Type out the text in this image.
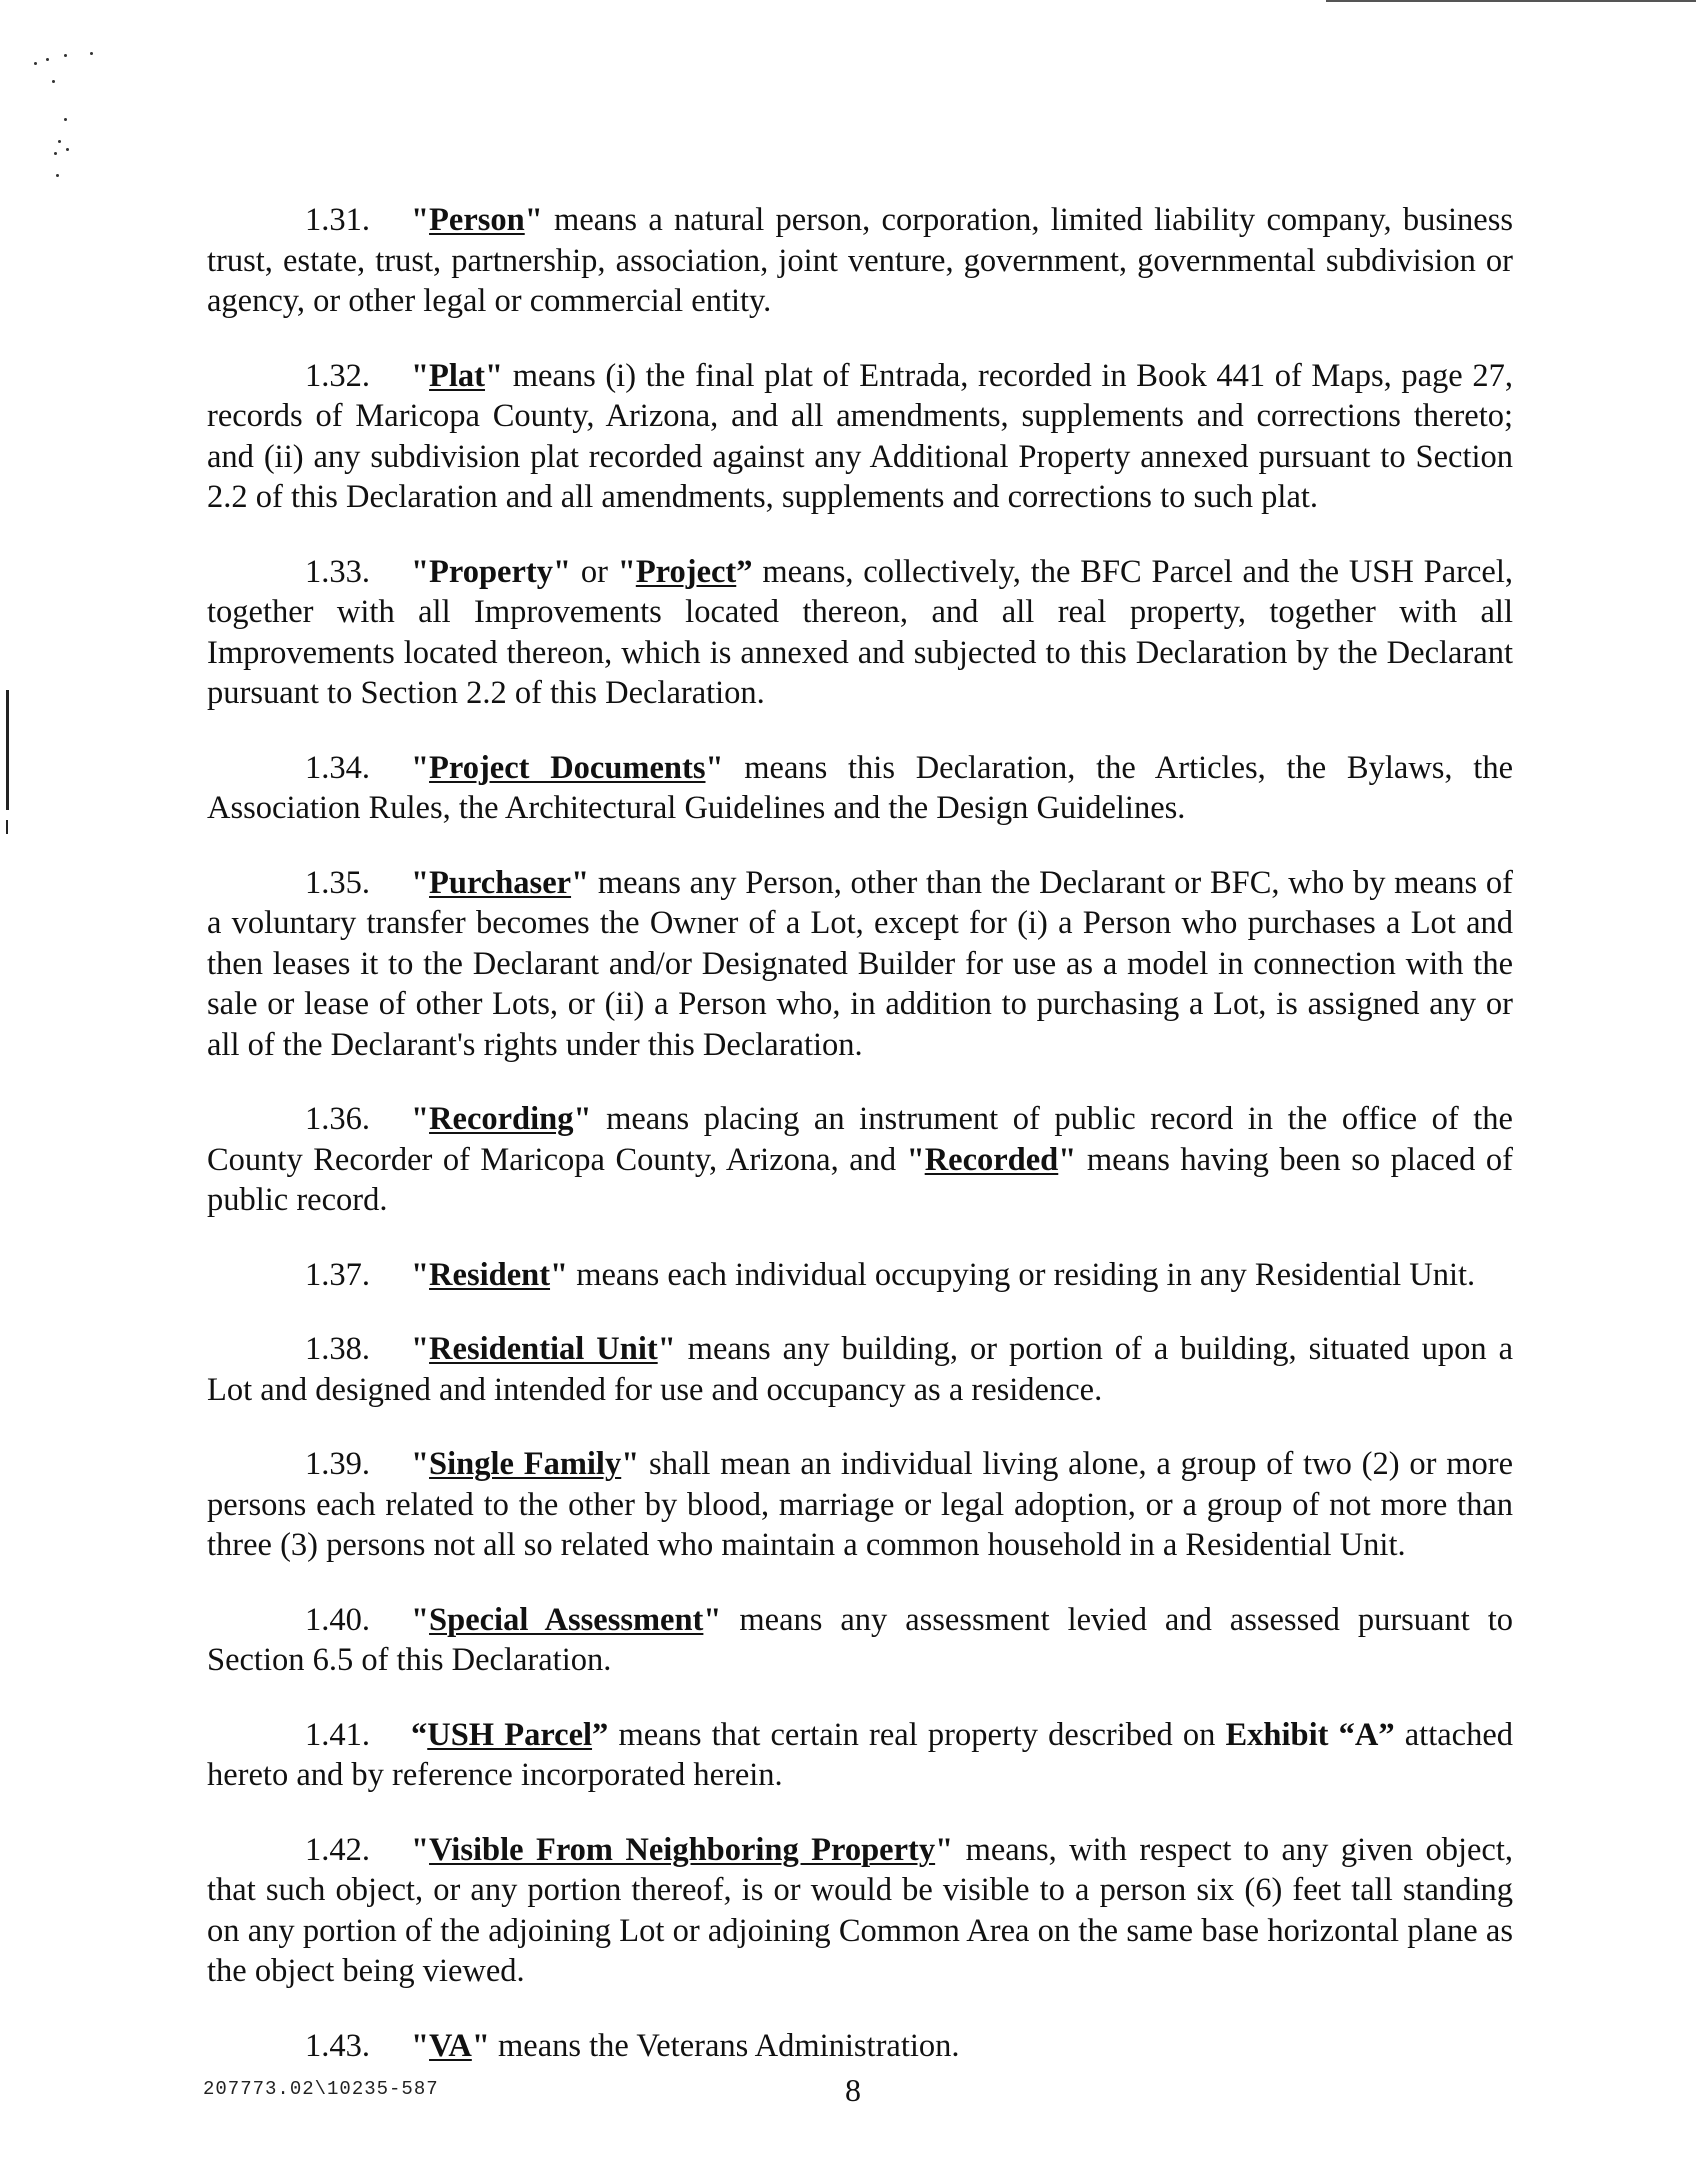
1.31. "Person" means a natural person, corporation, limited liability company, business trust, estate, trust, partnership, association, joint venture, government, governmental subdivision or agency, or other legal or commercial entity.

1.32. "Plat" means (i) the final plat of Entrada, recorded in Book 441 of Maps, page 27, records of Maricopa County, Arizona, and all amendments, supplements and corrections thereto; and (ii) any subdivision plat recorded against any Additional Property annexed pursuant to Section 2.2 of this Declaration and all amendments, supplements and corrections to such plat.

1.33. "Property" or "Project” means, collectively, the BFC Parcel and the USH Parcel, together with all Improvements located thereon, and all real property, together with all Improvements located thereon, which is annexed and subjected to this Declaration by the Declarant pursuant to Section 2.2 of this Declaration.

1.34. "Project Documents" means this Declaration, the Articles, the Bylaws, the Association Rules, the Architectural Guidelines and the Design Guidelines.

1.35. "Purchaser" means any Person, other than the Declarant or BFC, who by means of a voluntary transfer becomes the Owner of a Lot, except for (i) a Person who purchases a Lot and then leases it to the Declarant and/or Designated Builder for use as a model in connection with the sale or lease of other Lots, or (ii) a Person who, in addition to purchasing a Lot, is assigned any or all of the Declarant's rights under this Declaration.

1.36. "Recording" means placing an instrument of public record in the office of the County Recorder of Maricopa County, Arizona, and "Recorded" means having been so placed of public record.

1.37. "Resident" means each individual occupying or residing in any Residential Unit.

1.38. "Residential Unit" means any building, or portion of a building, situated upon a Lot and designed and intended for use and occupancy as a residence.

1.39. "Single Family" shall mean an individual living alone, a group of two (2) or more persons each related to the other by blood, marriage or legal adoption, or a group of not more than three (3) persons not all so related who maintain a common household in a Residential Unit.

1.40. "Special Assessment" means any assessment levied and assessed pursuant to Section 6.5 of this Declaration.

1.41. “USH Parcel” means that certain real property described on Exhibit “A” attached hereto and by reference incorporated herein.

1.42. "Visible From Neighboring Property" means, with respect to any given object, that such object, or any portion thereof, is or would be visible to a person six (6) feet tall standing on any portion of the adjoining Lot or adjoining Common Area on the same base horizontal plane as the object being viewed.

1.43. "VA" means the Veterans Administration.

207773.02\10235-587	8
